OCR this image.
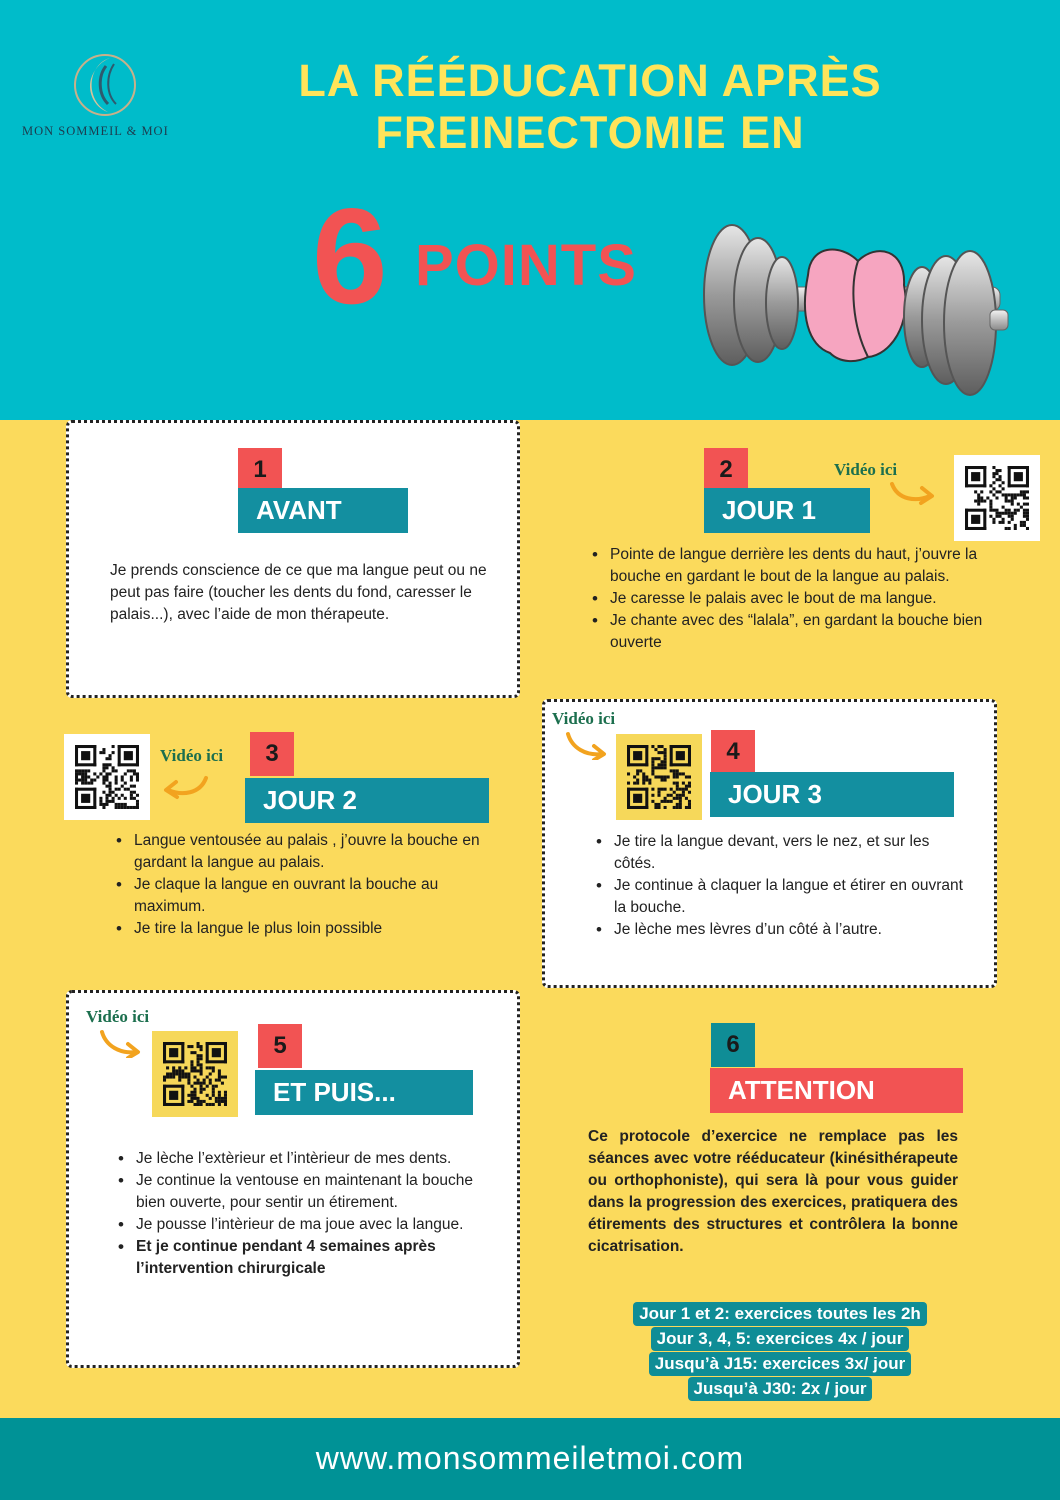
MON SOMMEIL & MOI
LA RÉÉDUCATION APRÈS
FREINECTOMIE EN
6 POINTS
1
AVANT
Je prends conscience de ce que ma langue peut ou ne peut pas faire (toucher les dents du fond, caresser le palais...), avec l’aide de mon thérapeute.
2
JOUR 1
Vidéo ici
• Pointe de langue derrière les dents du haut, j’ouvre la bouche en gardant le bout de la langue au palais.
• Je caresse le palais avec le bout de ma langue.
• Je chante avec des “lalala”, en gardant la bouche bien ouverte
Vidéo ici	3
JOUR 2
• Langue ventousée au palais , j’ouvre la bouche en gardant la langue au palais.
• Je claque la langue en ouvrant la bouche au maximum.
• Je tire la langue le plus loin possible
Vidéo ici
4
JOUR 3
• Je tire la langue devant, vers le nez, et sur les côtés.
• Je continue à claquer la langue et étirer en ouvrant la bouche.
• Je lèche mes lèvres d’un côté à l’autre.
Vidéo ici
5
ET PUIS...
• Je lèche l’extèrieur et l’intèrieur de mes dents.
• Je continue la ventouse en maintenant la bouche bien ouverte, pour sentir un étirement.
• Je pousse l’intèrieur de ma joue avec la langue.
• Et je continue pendant 4 semaines après l’intervention chirurgicale
6
ATTENTION
Ce protocole d’exercice ne remplace pas les séances avec votre rééducateur (kinésithérapeute ou orthophoniste), qui sera là pour vous guider dans la progression des exercices, pratiquera des étirements des structures et contrôlera la bonne cicatrisation.
Jour 1 et 2: exercices toutes les 2h
Jour 3, 4, 5: exercices 4x / jour
Jusqu’à J15: exercices 3x/ jour
Jusqu’à J30: 2x / jour
www.monsommeiletmoi.com
